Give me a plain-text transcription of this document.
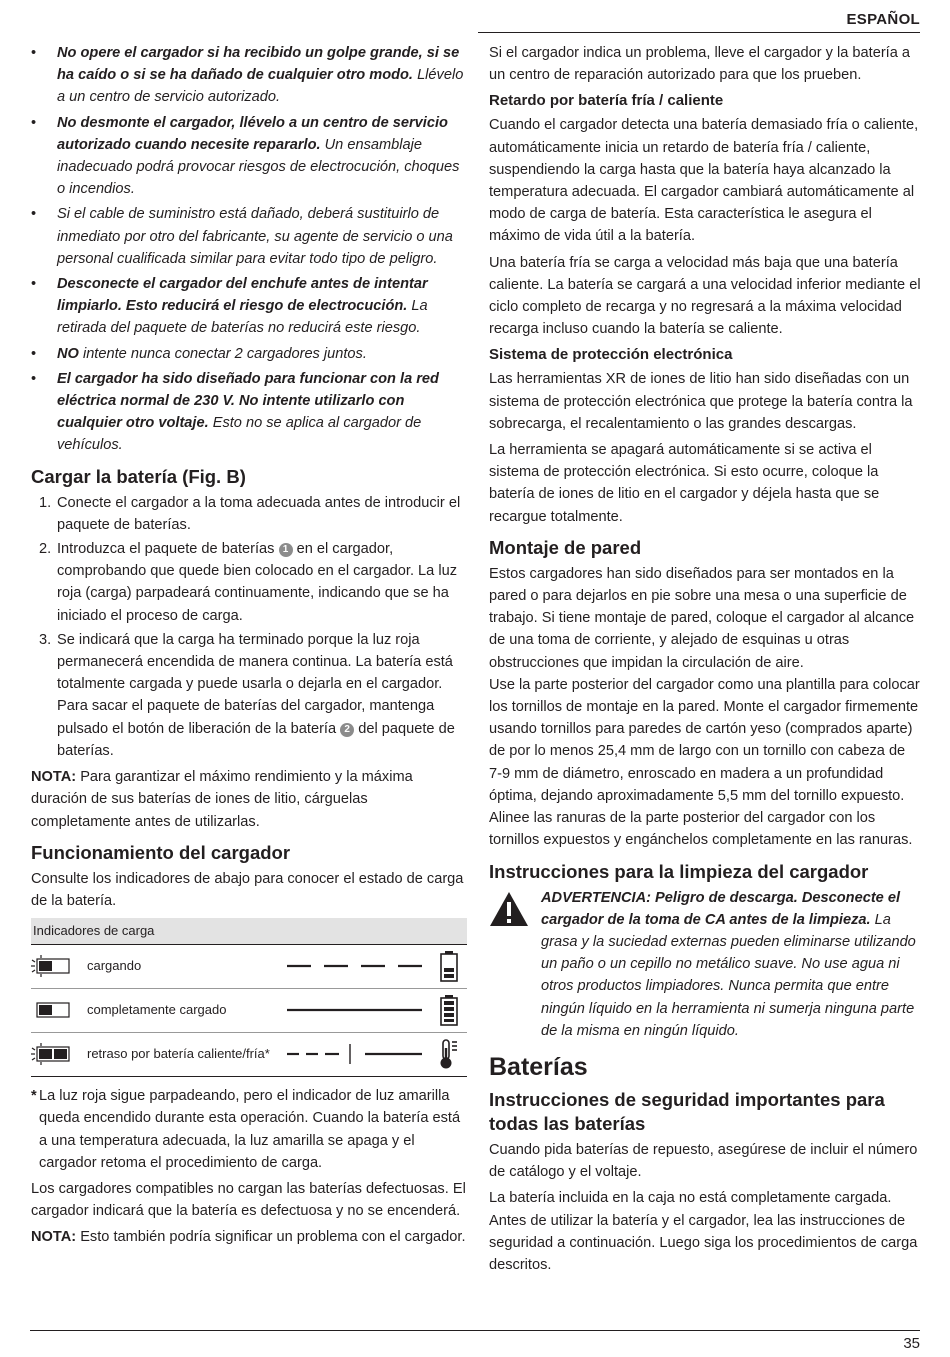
ESPAÑOL
• No opere el cargador si ha recibido un golpe grande, si se ha caído o si se ha dañado de cualquier otro modo. Llévelo a un centro de servicio autorizado.
• No desmonte el cargador, llévelo a un centro de servicio autorizado cuando necesite repararlo. Un ensamblaje inadecuado podrá provocar riesgos de electrocución, choques o incendios.
• Si el cable de suministro está dañado, deberá sustituirlo de inmediato por otro del fabricante, su agente de servicio o una personal cualificada similar para evitar todo tipo de peligro.
• Desconecte el cargador del enchufe antes de intentar limpiarlo. Esto reducirá el riesgo de electrocución. La retirada del paquete de baterías no reducirá este riesgo.
• NO intente nunca conectar 2 cargadores juntos.
• El cargador ha sido diseñado para funcionar con la red eléctrica normal de 230 V. No intente utilizarlo con cualquier otro voltaje. Esto no se aplica al cargador de vehículos.
Cargar la batería (Fig. B)
1. Conecte el cargador a la toma adecuada antes de introducir el paquete de baterías.
2. Introduzca el paquete de baterías 1 en el cargador, comprobando que quede bien colocado en el cargador. La luz roja (carga) parpadeará continuamente, indicando que se ha iniciado el proceso de carga.
3. Se indicará que la carga ha terminado porque la luz roja permanecerá encendida de manera continua. La batería está totalmente cargada y puede usarla o dejarla en el cargador. Para sacar el paquete de baterías del cargador, mantenga pulsado el botón de liberación de la batería 2 del paquete de baterías.

NOTA: Para garantizar el máximo rendimiento y la máxima duración de sus baterías de iones de litio, cárguelas completamente antes de utilizarlas.

Funcionamiento del cargador

Consulte los indicadores de abajo para conocer el estado de carga de la batería.

Indicadores de carga
cargando
completamente cargado
retraso por batería caliente/fría*

* La luz roja sigue parpadeando, pero el indicador de luz amarilla queda encendido durante esta operación. Cuando la batería está a una temperatura adecuada, la luz amarilla se apaga y el cargador retoma el procedimiento de carga.

Los cargadores compatibles no cargan las baterías defectuosas. El cargador indicará que la batería es defectuosa y no se encenderá.

NOTA: Esto también podría significar un problema con el cargador.

Si el cargador indica un problema, lleve el cargador y la batería a un centro de reparación autorizado para que los prueben.

Retardo por batería fría / caliente

Cuando el cargador detecta una batería demasiado fría o caliente, automáticamente inicia un retardo de batería fría / caliente, suspendiendo la carga hasta que la batería haya alcanzado la temperatura adecuada. El cargador cambiará automáticamente al modo de carga de batería. Esta característica le asegura el máximo de vida útil a la batería.

Una batería fría se carga a velocidad más baja que una batería caliente. La batería se cargará a una velocidad inferior mediante el ciclo completo de recarga y no regresará a la máxima velocidad recarga incluso cuando la batería se caliente.

Sistema de protección electrónica

Las herramientas XR de iones de litio han sido diseñadas con un sistema de protección electrónica que protege la batería contra la sobrecarga, el recalentamiento o las grandes descargas.

La herramienta se apagará automáticamente si se activa el sistema de protección electrónica. Si esto ocurre, coloque la batería de iones de litio en el cargador y déjela hasta que se recargue totalmente.

Montaje de pared

Estos cargadores han sido diseñados para ser montados en la pared o para dejarlos en pie sobre una mesa o una superficie de trabajo. Si tiene montaje de pared, coloque el cargador al alcance de una toma de corriente, y alejado de esquinas u otras obstrucciones que impidan la circulación de aire.

Use la parte posterior del cargador como una plantilla para colocar los tornillos de montaje en la pared. Monte el cargador firmemente usando tornillos para paredes de cartón yeso (comprados aparte) de por lo menos 25,4 mm de largo con un tornillo con cabeza de 7-9 mm de diámetro, enroscado en madera a un profundidad óptima, dejando aproximadamente 5,5 mm del tornillo expuesto. Alinee las ranuras de la parte posterior del cargador con los tornillos expuestos y engánchelos completamente en las ranuras.

Instrucciones para la limpieza del cargador

ADVERTENCIA: Peligro de descarga. Desconecte el cargador de la toma de CA antes de la limpieza. La grasa y la suciedad externas pueden eliminarse utilizando un paño o un cepillo no metálico suave. No use agua ni otros productos limpiadores. Nunca permita que entre ningún líquido en la herramienta ni sumerja ninguna parte de la misma en ningún líquido.

Baterías
Instrucciones de seguridad importantes para todas las baterías

Cuando pida baterías de repuesto, asegúrese de incluir el número de catálogo y el voltaje.

La batería incluida en la caja no está completamente cargada. Antes de utilizar la batería y el cargador, lea las instrucciones de seguridad a continuación. Luego siga los procedimientos de carga descritos.

35
